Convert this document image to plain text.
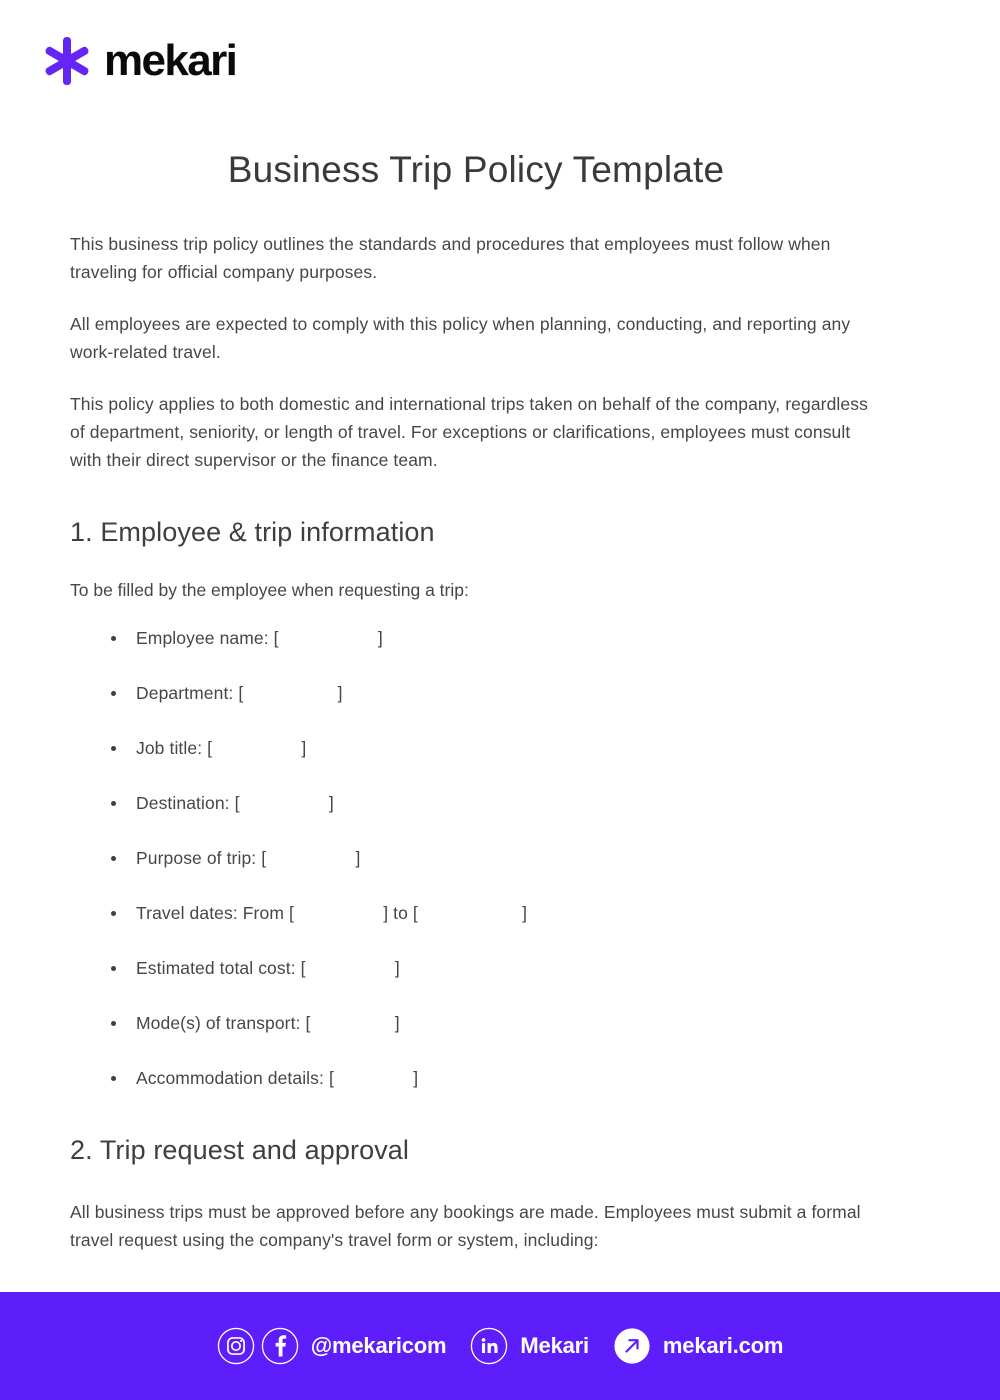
mekari
Business Trip Policy Template

This business trip policy outlines the standards and procedures that employees must follow when traveling for official company purposes.

All employees are expected to comply with this policy when planning, conducting, and reporting any work-related travel.

This policy applies to both domestic and international trips taken on behalf of the company, regardless of department, seniority, or length of travel. For exceptions or clarifications, employees must consult with their direct supervisor or the finance team.

1. Employee & trip information

To be filled by the employee when requesting a trip:

Employee name: [                    ]
Department: [                   ]
Job title: [                  ]
Destination: [                  ]
Purpose of trip: [                  ]
Travel dates: From [                  ] to [                     ]
Estimated total cost: [                  ]
Mode(s) of transport: [                 ]
Accommodation details: [                ]
2. Trip request and approval

All business trips must be approved before any bookings are made. Employees must submit a formal travel request using the company's travel form or system, including:

@mekaricom	Mekari	mekari.com
